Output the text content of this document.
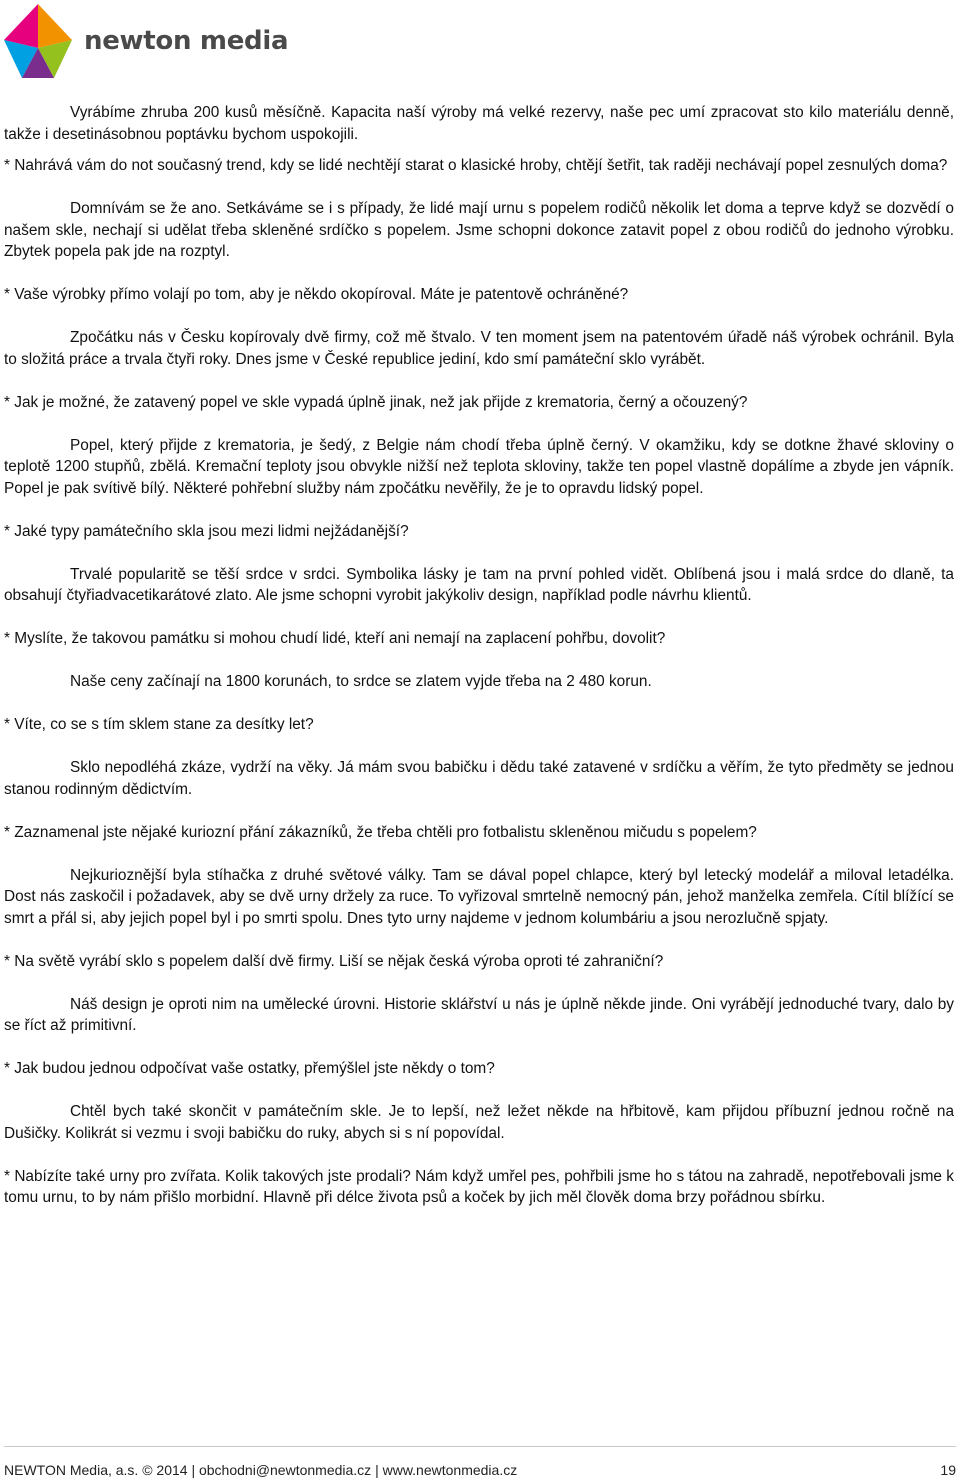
newton media

Vyrábíme zhruba 200 kusů měsíčně. Kapacita naší výroby má velké rezervy, naše pec umí zpracovat sto kilo materiálu denně, takže i desetinásobnou poptávku bychom uspokojili.

* Nahrává vám do not současný trend, kdy se lidé nechtějí starat o klasické hroby, chtějí šetřit, tak raději nechávají popel zesnulých doma?

Domnívám se že ano. Setkáváme se i s případy, že lidé mají urnu s popelem rodičů několik let doma a teprve když se dozvědí o našem skle, nechají si udělat třeba skleněné srdíčko s popelem. Jsme schopni dokonce zatavit popel z obou rodičů do jednoho výrobku. Zbytek popela pak jde na rozptyl.

* Vaše výrobky přímo volají po tom, aby je někdo okopíroval. Máte je patentově ochráněné?

Zpočátku nás v Česku kopírovaly dvě firmy, což mě štvalo. V ten moment jsem na patentovém úřadě náš výrobek ochránil. Byla to složitá práce a trvala čtyři roky. Dnes jsme v České republice jediní, kdo smí památeční sklo vyrábět.

* Jak je možné, že zatavený popel ve skle vypadá úplně jinak, než jak přijde z krematoria, černý a očouzený?

Popel, který přijde z krematoria, je šedý, z Belgie nám chodí třeba úplně černý. V okamžiku, kdy se dotkne žhavé skloviny o teplotě 1200 stupňů, zbělá. Kremační teploty jsou obvykle nižší než teplota skloviny, takže ten popel vlastně dopálíme a zbyde jen vápník. Popel je pak svítivě bílý. Některé pohřební služby nám zpočátku nevěřily, že je to opravdu lidský popel.

* Jaké typy památečního skla jsou mezi lidmi nejžádanější?

Trvalé popularitě se těší srdce v srdci. Symbolika lásky je tam na první pohled vidět. Oblíbená jsou i malá srdce do dlaně, ta obsahují čtyřiadvacetikarátové zlato. Ale jsme schopni vyrobit jakýkoliv design, například podle návrhu klientů.

* Myslíte, že takovou památku si mohou chudí lidé, kteří ani nemají na zaplacení pohřbu, dovolit?

Naše ceny začínají na 1800 korunách, to srdce se zlatem vyjde třeba na 2 480 korun.

* Víte, co se s tím sklem stane za desítky let?

Sklo nepodléhá zkáze, vydrží na věky. Já mám svou babičku i dědu také zatavené v srdíčku a věřím, že tyto předměty se jednou stanou rodinným dědictvím.

* Zaznamenal jste nějaké kuriozní přání zákazníků, že třeba chtěli pro fotbalistu skleněnou mičudu s popelem?

Nejkurioznější byla stíhačka z druhé světové války. Tam se dával popel chlapce, který byl letecký modelář a miloval letadélka. Dost nás zaskočil i požadavek, aby se dvě urny držely za ruce. To vyřizoval smrtelně nemocný pán, jehož manželka zemřela. Cítil blížící se smrt a přál si, aby jejich popel byl i po smrti spolu. Dnes tyto urny najdeme v jednom kolumbáriu a jsou nerozlučně spjaty.

* Na světě vyrábí sklo s popelem další dvě firmy. Liší se nějak česká výroba oproti té zahraniční?

Náš design je oproti nim na umělecké úrovni. Historie sklářství u nás je úplně někde jinde. Oni vyrábějí jednoduché tvary, dalo by se říct až primitivní.

* Jak budou jednou odpočívat vaše ostatky, přemýšlel jste někdy o tom?

Chtěl bych také skončit v památečním skle. Je to lepší, než ležet někde na hřbitově, kam přijdou příbuzní jednou ročně na Dušičky. Kolikrát si vezmu i svoji babičku do ruky, abych si s ní popovídal.

* Nabízíte také urny pro zvířata. Kolik takových jste prodali? Nám když umřel pes, pohřbili jsme ho s tátou na zahradě, nepotřebovali jsme k tomu urnu, to by nám přišlo morbidní. Hlavně při délce života psů a koček by jich měl člověk doma brzy pořádnou sbírku.

NEWTON Media, a.s. © 2014 | obchodni@newtonmedia.cz | www.newtonmedia.cz	19
